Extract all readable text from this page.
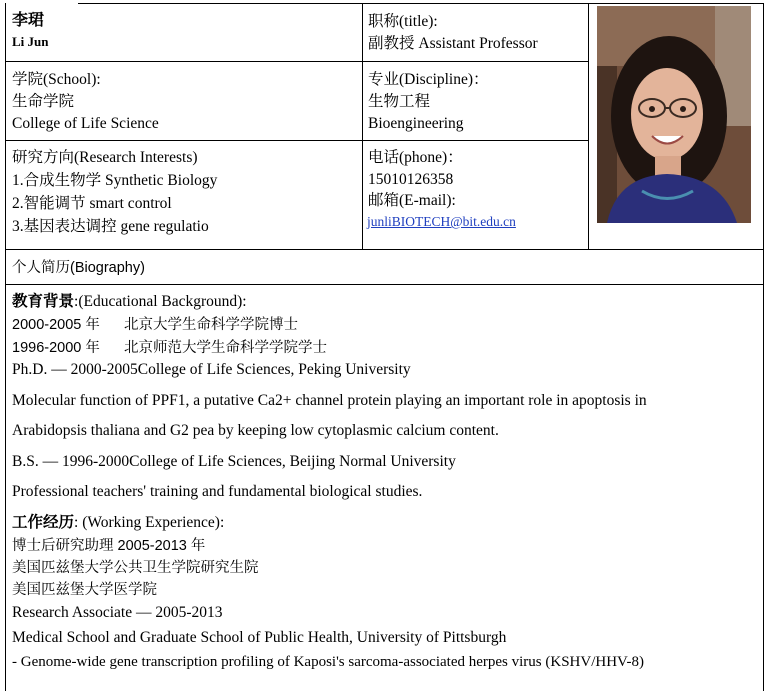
李珺
Li Jun
职称(title):
副教授 Assistant Professor
学院(School):
生命学院
College of Life Science
专业(Discipline)：
生物工程
Bioengineering
研究方向(Research Interests)
1.合成生物学 Synthetic Biology
2.智能调节 smart control
3.基因表达调控 gene regulatio
电话(phone)：
15010126358
邮箱(E-mail):
junliBIOTECH@bit.edu.cn
个人简历(Biography)
教育背景:(Educational Background):
2000-2005 年      北京大学生命科学学院博士
1996-2000 年      北京师范大学生命科学学院学士
Ph.D. — 2000-2005College of Life Sciences, Peking University
Molecular function of PPF1, a putative Ca2+ channel protein playing an important role in apoptosis in
Arabidopsis thaliana and G2 pea by keeping low cytoplasmic calcium content.
B.S. — 1996-2000College of Life Sciences, Beijing Normal University
Professional teachers' training and fundamental biological studies.
工作经历: (Working Experience):
博士后研究助理 2005-2013 年
美国匹兹堡大学公共卫生学院研究生院
美国匹兹堡大学医学院
Research Associate — 2005-2013
Medical School and Graduate School of Public Health, University of Pittsburgh
- Genome-wide gene transcription profiling of Kaposi's sarcoma-associated herpes virus (KSHV/HHV-8)
